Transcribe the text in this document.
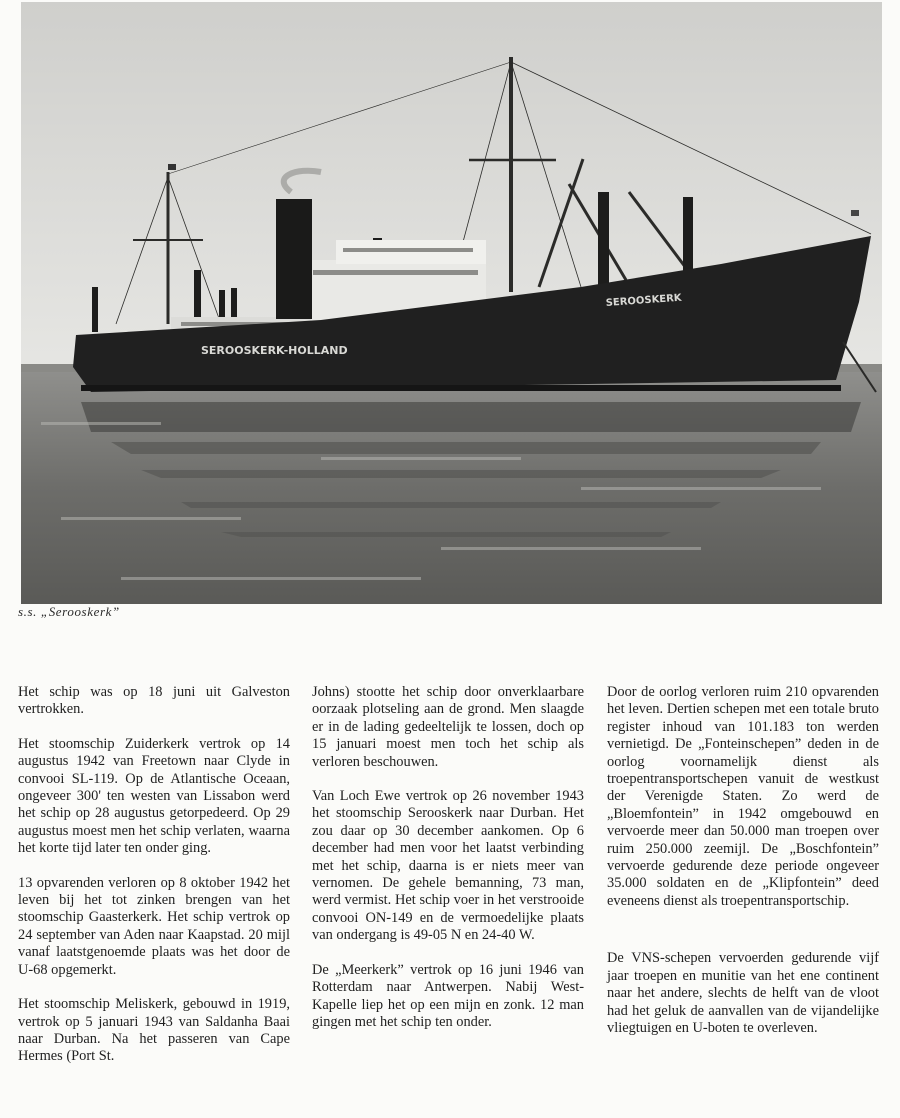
SEROOSKERK-HOLLAND
SEROOSKERK
s.s. „Serooskerk”

Het schip was op 18 juni uit Galveston vertrokken.

Het stoomschip Zuiderkerk vertrok op 14 augustus 1942 van Freetown naar Clyde in convooi SL-119. Op de Atlantische Oceaan, ongeveer 300' ten westen van Lissabon werd het schip op 28 augustus getorpedeerd. Op 29 augustus moest men het schip verlaten, waarna het korte tijd later ten onder ging.

13 opvarenden verloren op 8 oktober 1942 het leven bij het tot zinken brengen van het stoomschip Gaasterkerk. Het schip vertrok op 24 september van Aden naar Kaapstad. 20 mijl vanaf laatstgenoemde plaats was het door de U-68 opgemerkt.

Het stoomschip Meliskerk, gebouwd in 1919, vertrok op 5 januari 1943 van Saldanha Baai naar Durban. Na het passeren van Cape Hermes (Port St.

Johns) stootte het schip door onverklaarbare oorzaak plotseling aan de grond. Men slaagde er in de lading gedeeltelijk te lossen, doch op 15 januari moest men toch het schip als verloren beschouwen.

Van Loch Ewe vertrok op 26 november 1943 het stoomschip Serooskerk naar Durban. Het zou daar op 30 december aankomen. Op 6 december had men voor het laatst verbinding met het schip, daarna is er niets meer van vernomen. De gehele bemanning, 73 man, werd vermist. Het schip voer in het verstrooide convooi ON-149 en de vermoedelijke plaats van ondergang is 49-05 N en 24-40 W.

De „Meerkerk” vertrok op 16 juni 1946 van Rotterdam naar Antwerpen. Nabij West-Kapelle liep het op een mijn en zonk. 12 man gingen met het schip ten onder.

Door de oorlog verloren ruim 210 opvarenden het leven. Dertien schepen met een totale bruto register inhoud van 101.183 ton werden vernietigd. De „Fonteinschepen” deden in de oorlog voornamelijk dienst als troepentransportschepen vanuit de westkust der Verenigde Staten. Zo werd de „Bloemfontein” in 1942 omgebouwd en vervoerde meer dan 50.000 man troepen over ruim 250.000 zeemijl. De „Boschfontein” vervoerde gedurende deze periode ongeveer 35.000 soldaten en de „Klipfontein” deed eveneens dienst als troepentransportschip.

De VNS-schepen vervoerden gedurende vijf jaar troepen en munitie van het ene continent naar het andere, slechts de helft van de vloot had het geluk de aanvallen van de vijandelijke vliegtuigen en U-boten te overleven.
